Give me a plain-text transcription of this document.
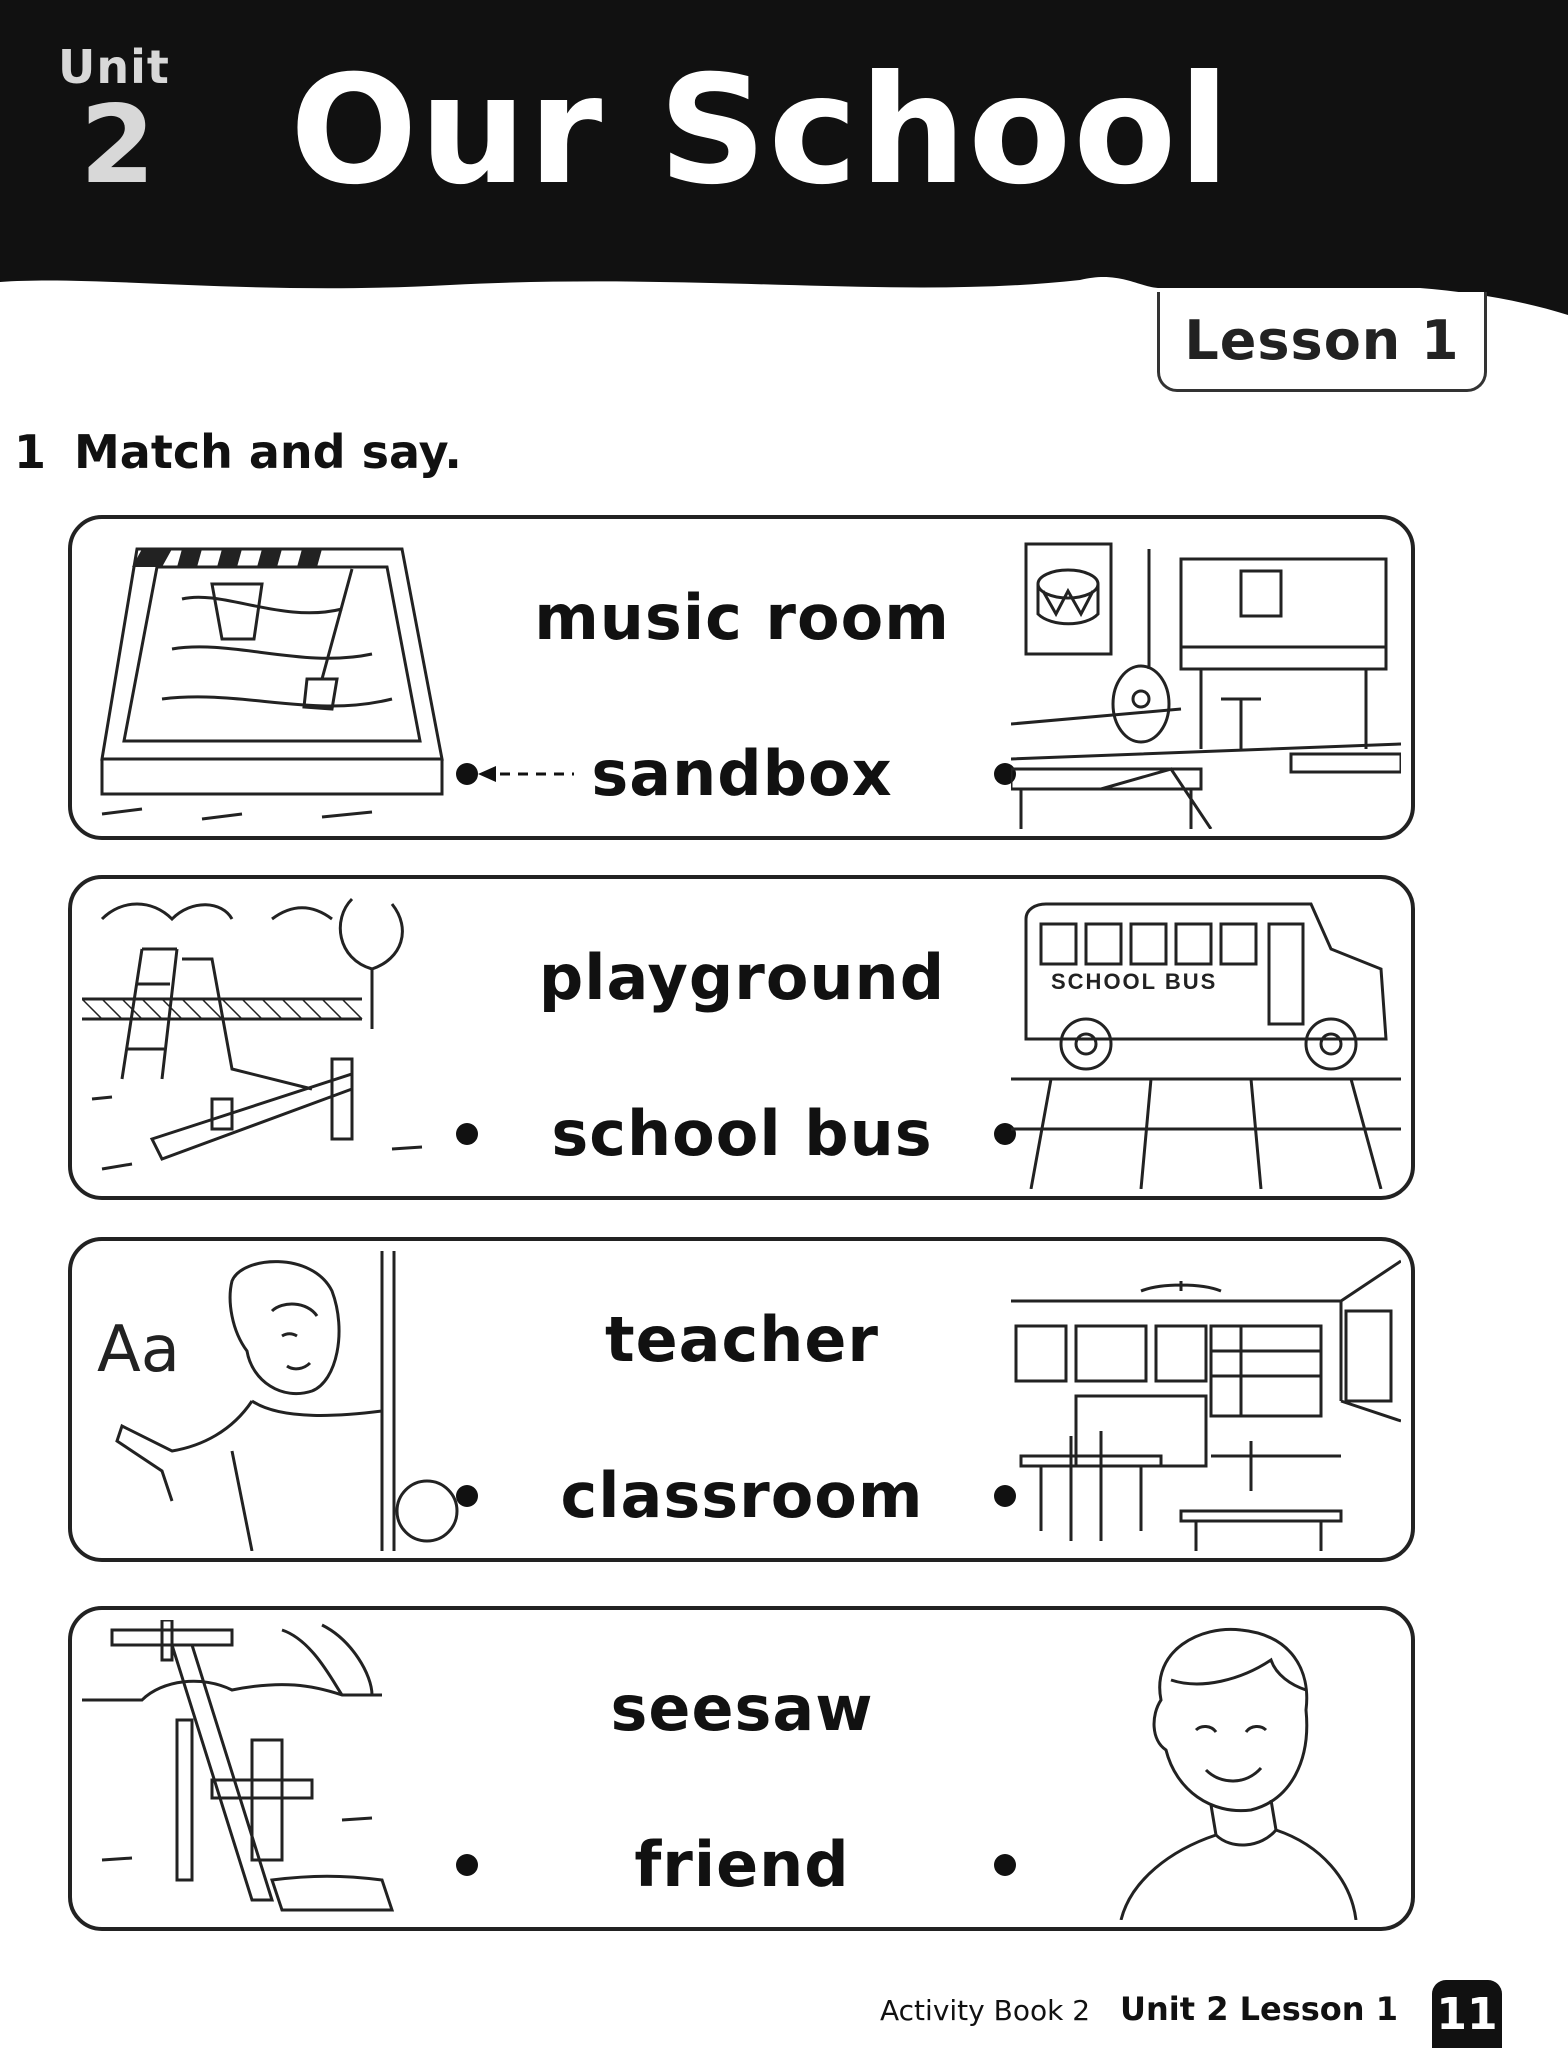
Unit
2 Our School
Lesson 1
1 Match and say.
music room
sandbox
playground
school bus
SCHOOL BUS
Aa	teacher
classroom
seesaw
friend
Activity Book 2 Unit 2 Lesson 1 11
